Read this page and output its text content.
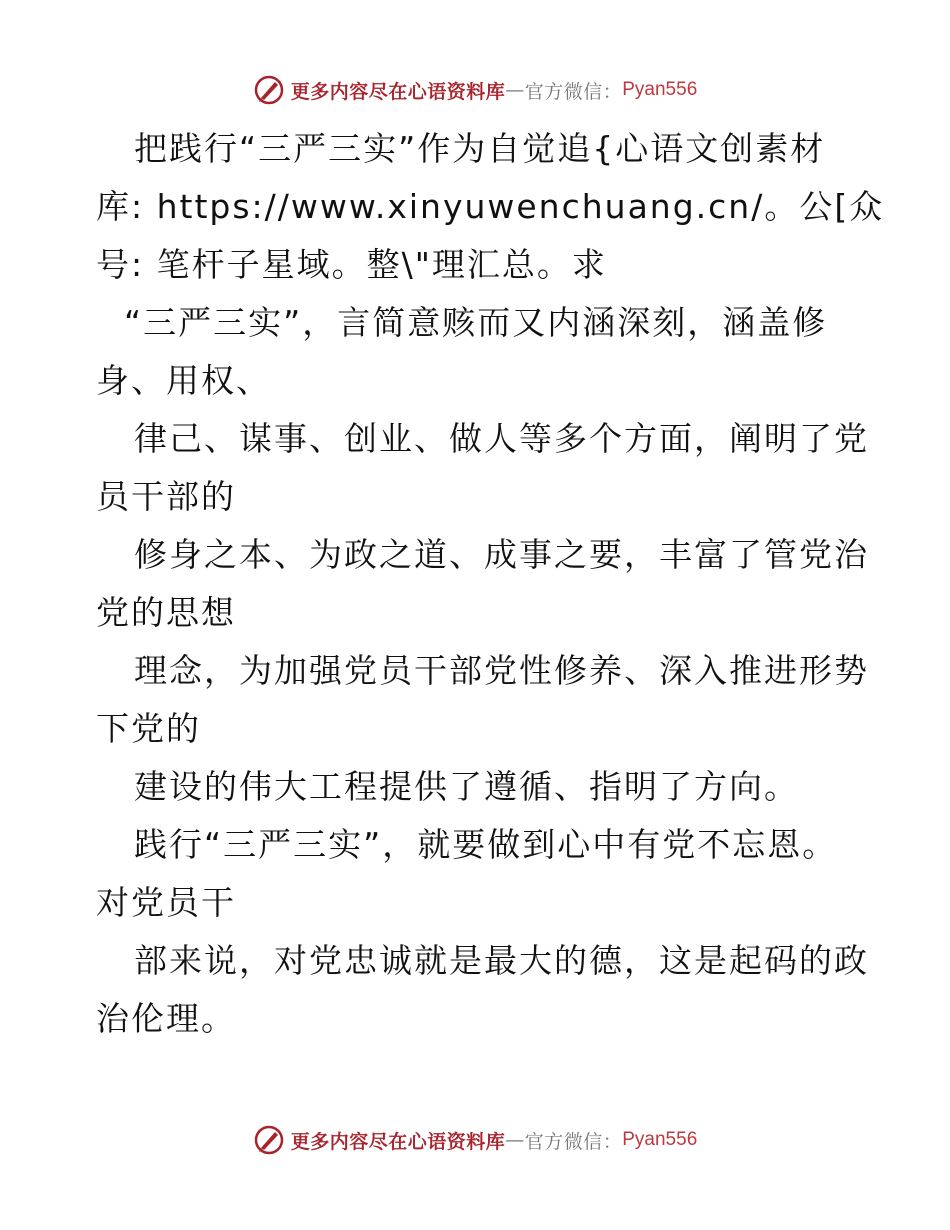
更多内容尽在心语资料库 — 官方微信： Pyan556
把践行“三严三实”作为自觉追{心语文创素材
库: https://www.xinyuwenchuang.cn/。公[众
号: 笔杆子星域。整\"理汇总。求
“三严三实”，言简意赅而又内涵深刻，涵盖修
身、用权、
律己、谋事、创业、做人等多个方面，阐明了党
员干部的
修身之本、为政之道、成事之要，丰富了管党治
党的思想
理念，为加强党员干部党性修养、深入推进形势
下党的
建设的伟大工程提供了遵循、指明了方向。
践行“三严三实”，就要做到心中有党不忘恩。
对党员干
部来说，对党忠诚就是最大的德，这是起码的政
治伦理。
更多内容尽在心语资料库 — 官方微信： Pyan556
